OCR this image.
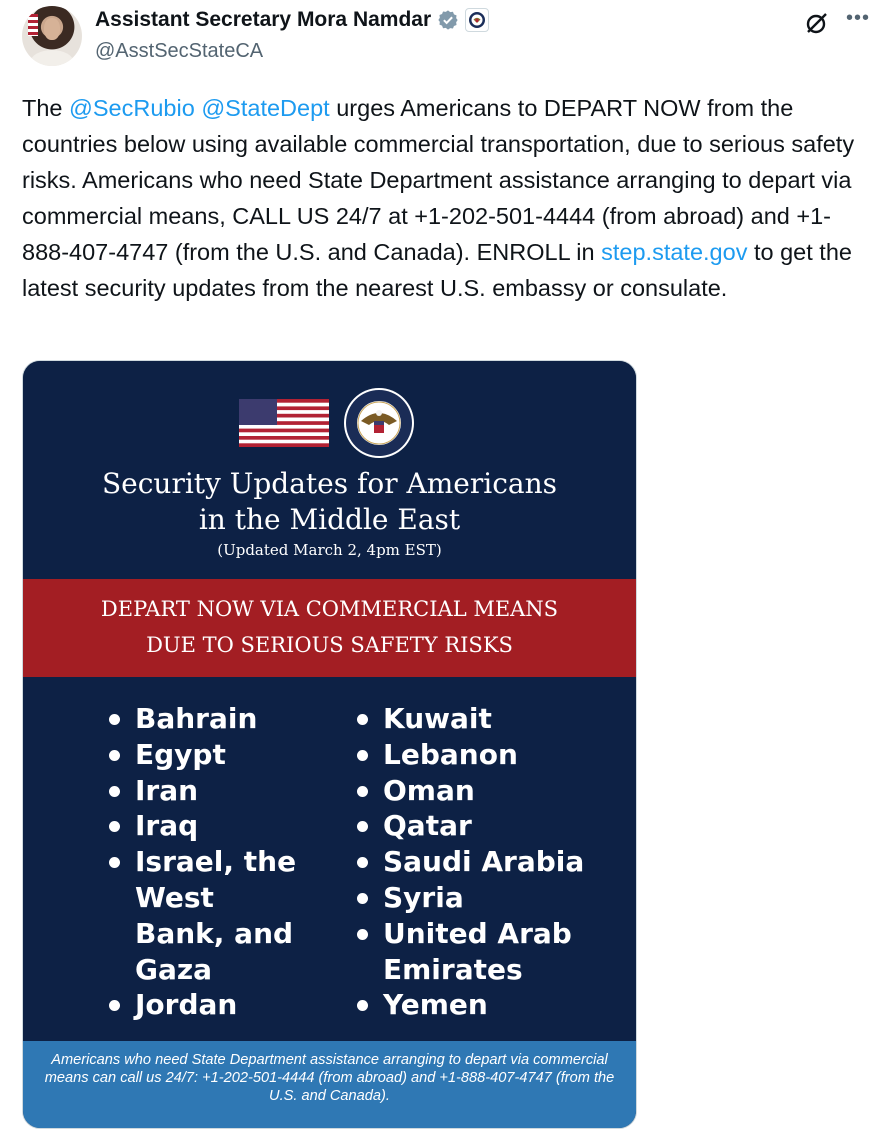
Assistant Secretary Mora Namdar
@AsstSecStateCA
•••
The @SecRubio @StateDept urges Americans to DEPART NOW from the countries below using available commercial transportation, due to serious safety risks. Americans who need State Department assistance arranging to depart via commercial means, CALL US 24/7 at +1-202-501-4444 (from abroad) and +1-888-407-4747 (from the U.S. and Canada). ENROLL in step.state.gov to get the latest security updates from the nearest U.S. embassy or consulate.
Security Updates for Americans
in the Middle East
(Updated March 2, 4pm EST)
DEPART NOW VIA COMMERCIAL MEANS
DUE TO SERIOUS SAFETY RISKS
Bahrain
Egypt
Iran
Iraq
Israel, the West Bank, and Gaza
Jordan
Kuwait
Lebanon
Oman
Qatar
Saudi Arabia
Syria
United Arab Emirates
Yemen
Americans who need State Department assistance arranging to depart via commercial means can call us 24/7: +1-202-501-4444 (from abroad) and +1-888-407-4747 (from the U.S. and Canada).
